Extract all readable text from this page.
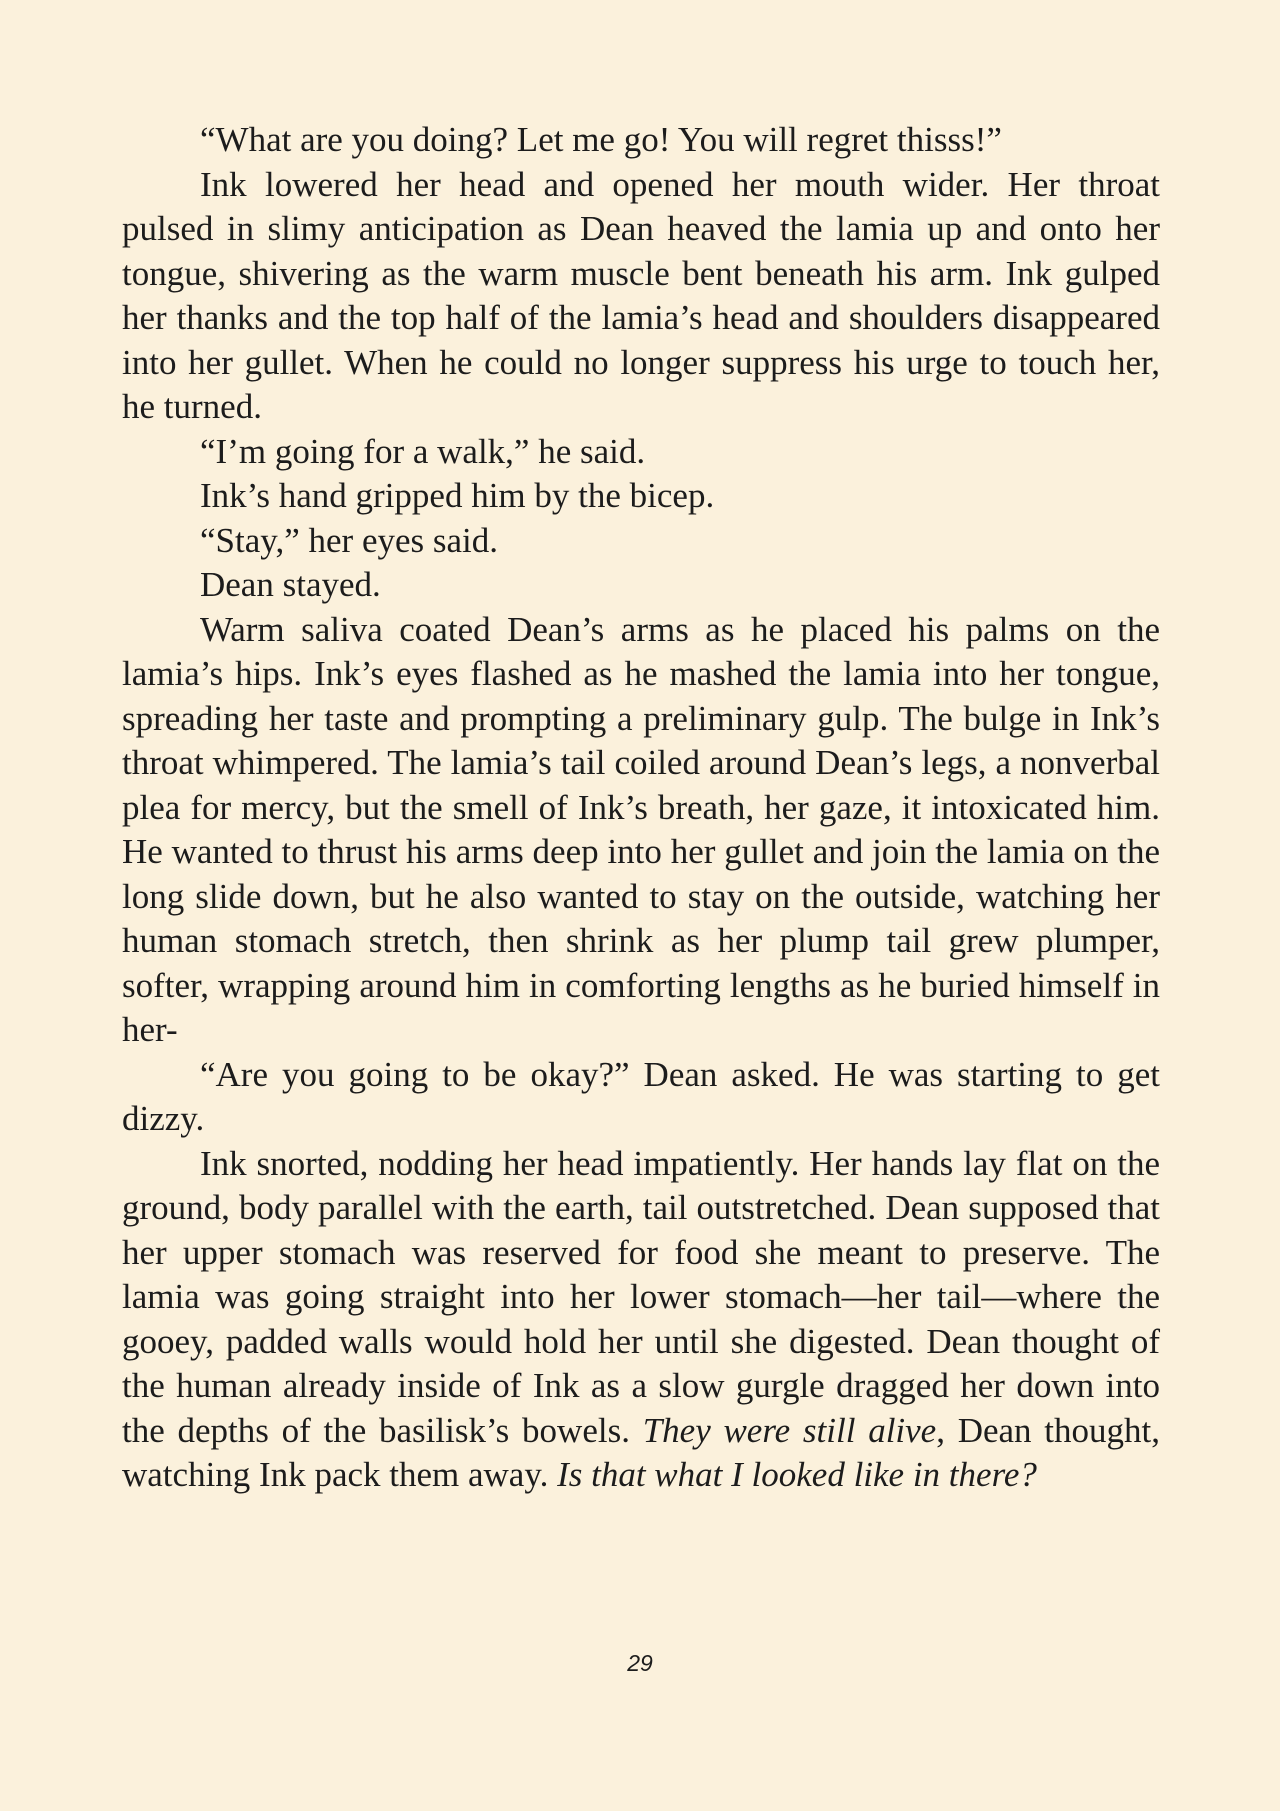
“What are you doing? Let me go! You will regret thisss!”

Ink lowered her head and opened her mouth wider. Her throat pulsed in slimy anticipation as Dean heaved the lamia up and onto her tongue, shivering as the warm muscle bent beneath his arm. Ink gulped her thanks and the top half of the lamia’s head and shoulders disappeared into her gullet. When he could no longer suppress his urge to touch her, he turned.

“I’m going for a walk,” he said.

Ink’s hand gripped him by the bicep.

“Stay,” her eyes said.

Dean stayed.

Warm saliva coated Dean’s arms as he placed his palms on the lamia’s hips. Ink’s eyes flashed as he mashed the lamia into her tongue, spreading her taste and prompting a preliminary gulp. The bulge in Ink’s throat whimpered. The lamia’s tail coiled around Dean’s legs, a nonverbal plea for mercy, but the smell of Ink’s breath, her gaze, it intoxicated him. He wanted to thrust his arms deep into her gullet and join the lamia on the long slide down, but he also wanted to stay on the outside, watching her human stomach stretch, then shrink as her plump tail grew plumper, softer, wrapping around him in comforting lengths as he buried himself in her-

“Are you going to be okay?” Dean asked. He was starting to get dizzy.

Ink snorted, nodding her head impatiently. Her hands lay flat on the ground, body parallel with the earth, tail outstretched. Dean supposed that her upper stomach was reserved for food she meant to preserve. The lamia was going straight into her lower stomach—her tail—where the gooey, padded walls would hold her until she digested. Dean thought of the human already inside of Ink as a slow gurgle dragged her down into the depths of the basilisk’s bowels. They were still alive, Dean thought, watching Ink pack them away. Is that what I looked like in there?

29
